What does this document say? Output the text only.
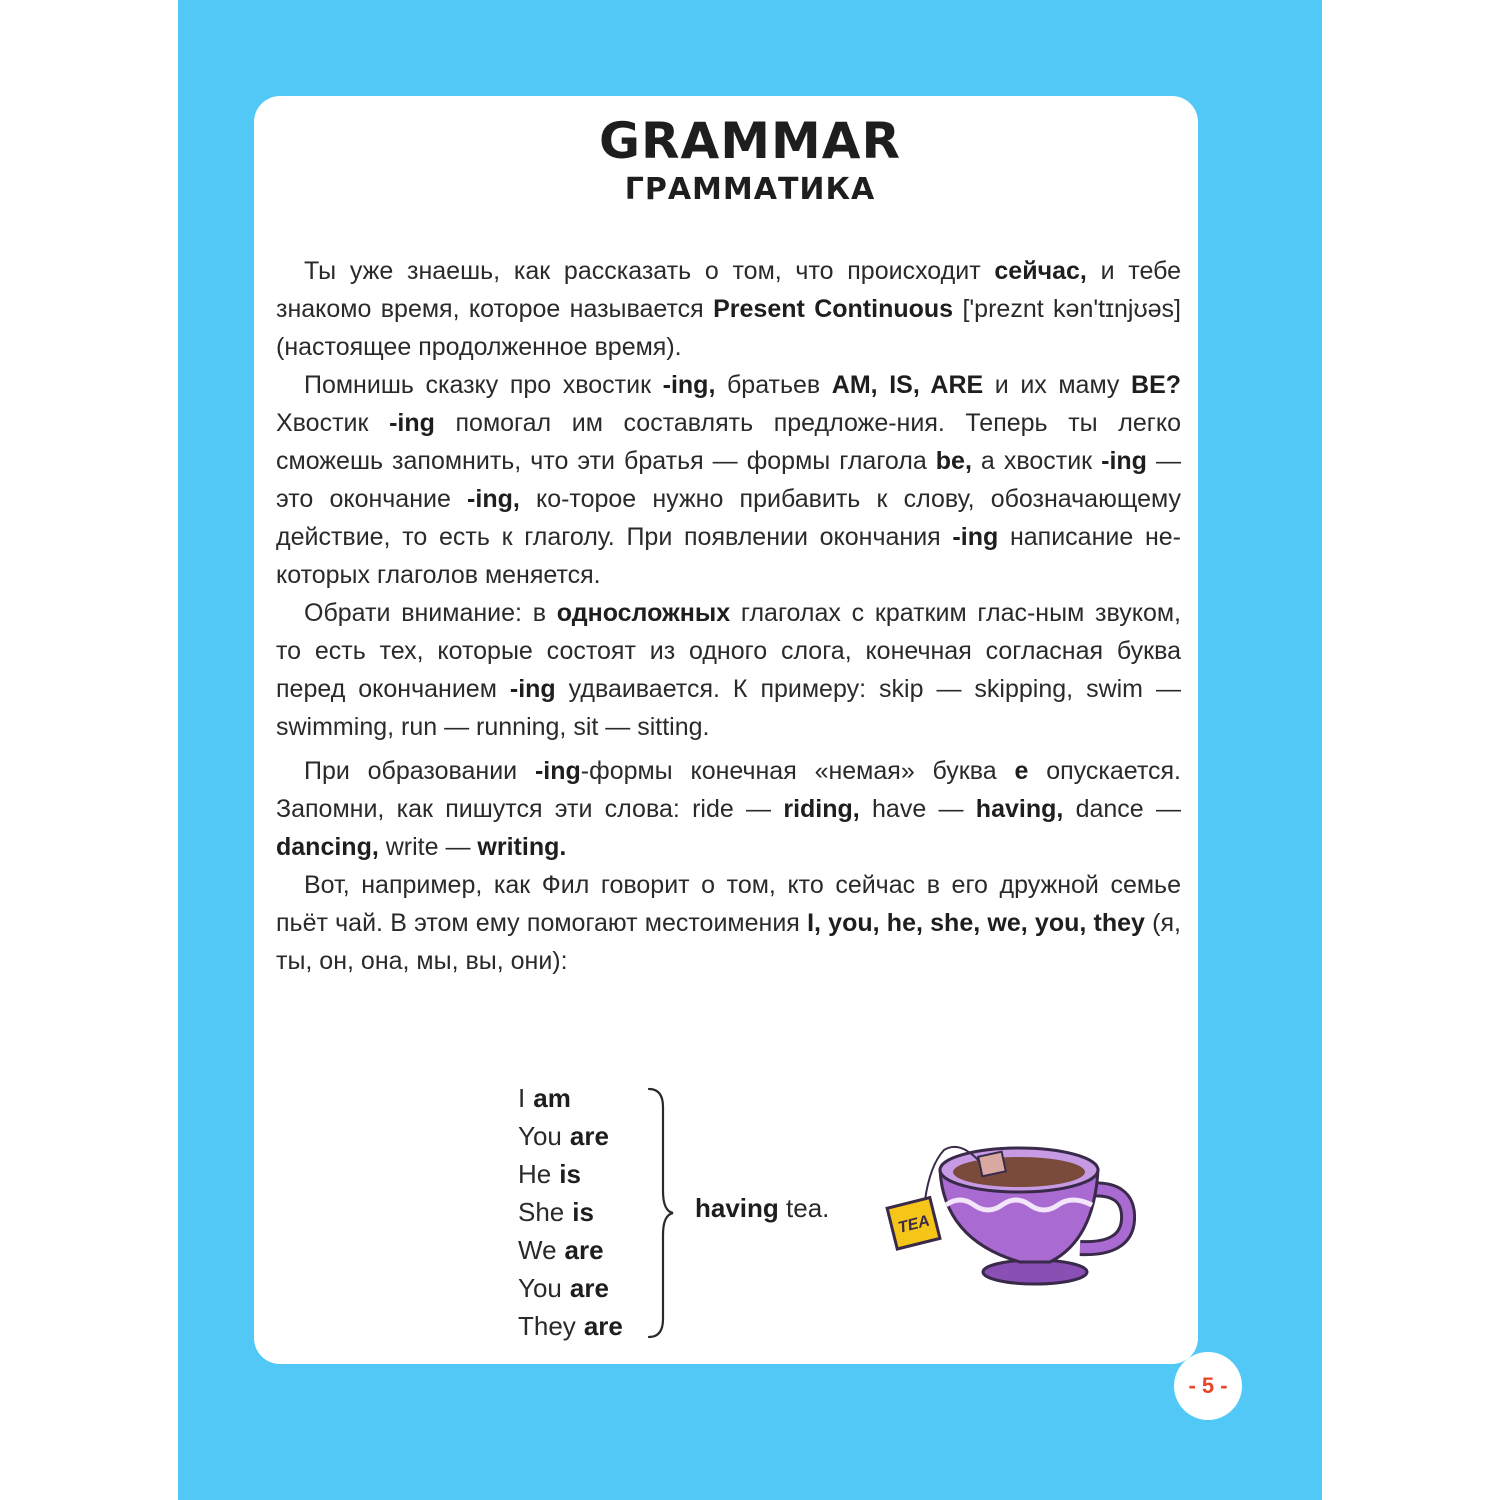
GRAMMAR
ГРАММАТИКА

Ты уже знаешь, как рассказать о том, что происходит сейчас, и тебе знакомо время, которое называется Present Continuous ['preznt kən'tɪnjʊəs] (настоящее продолженное время).

Помнишь сказку про хвостик -ing, братьев AM, IS, ARE и их маму BE? Хвостик -ing помогал им составлять предложе-ния. Теперь ты легко сможешь запомнить, что эти братья — формы глагола be, а хвостик -ing — это окончание -ing, ко-торое нужно прибавить к слову, обозначающему действие, то есть к глаголу. При появлении окончания -ing написание не-которых глаголов меняется.

Обрати внимание: в односложных глаголах с кратким глас-ным звуком, то есть тех, которые состоят из одного слога, конечная согласная буква перед окончанием -ing удваивается. К примеру: skip — skipping, swim — swimming, run — running, sit — sitting.

При образовании -ing-формы конечная «немая» буква e опускается. Запомни, как пишутся эти слова: ride — riding, have — having, dance — dancing, write — writing.

Вот, например, как Фил говорит о том, кто сейчас в его дружной семье пьёт чай. В этом ему помогают местоимения I, you, he, she, we, you, they (я, ты, он, она, мы, вы, они):

I am
You are
He is
She is
We are
You are
They are
having tea.
TEA
- 5 -
